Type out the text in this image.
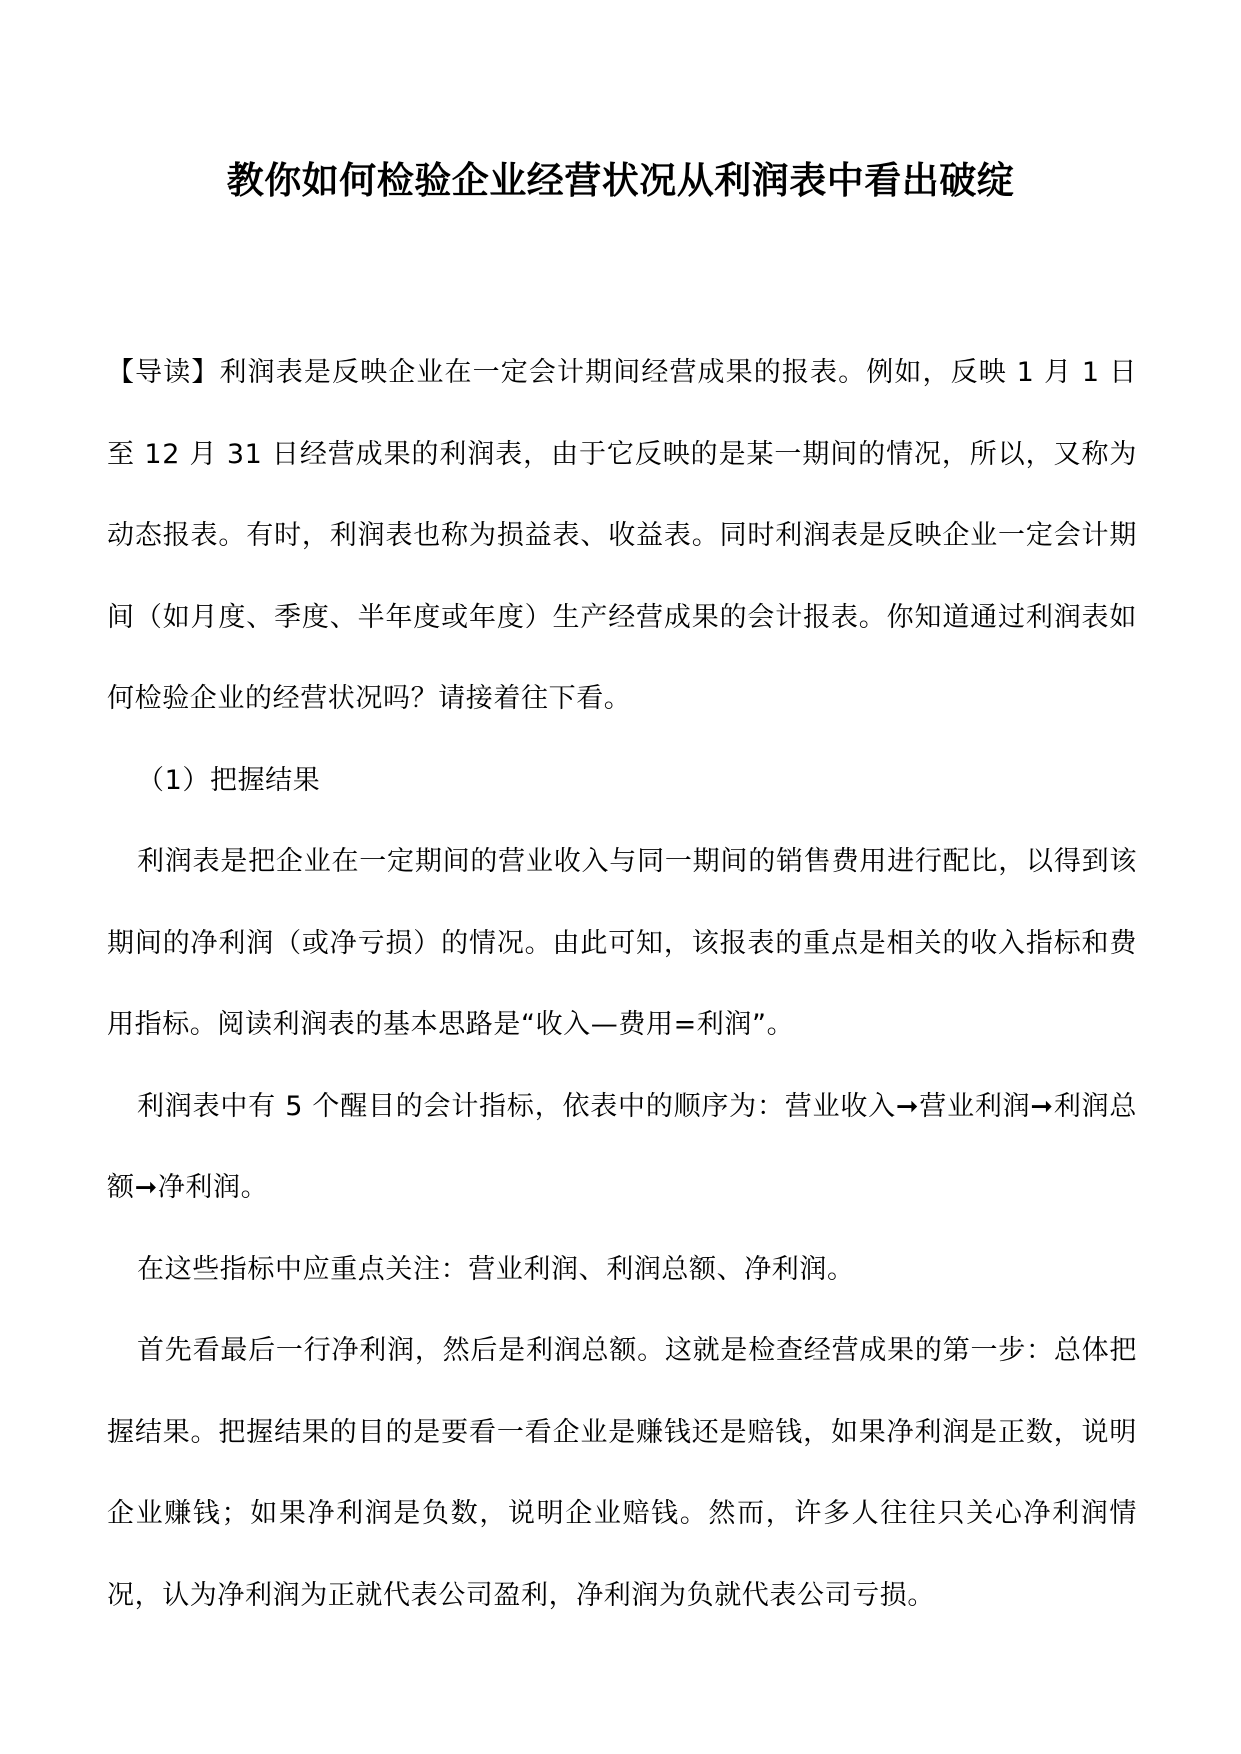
教你如何检验企业经营状况从利润表中看出破绽

【导读】利润表是反映企业在一定会计期间经营成果的报表。例如，反映 1 月 1 日至 12 月 31 日经营成果的利润表，由于它反映的是某一期间的情况，所以，又称为动态报表。有时，利润表也称为损益表、收益表。同时利润表是反映企业一定会计期间（如月度、季度、半年度或年度）生产经营成果的会计报表。你知道通过利润表如何检验企业的经营状况吗？请接着往下看。

（1）把握结果

利润表是把企业在一定期间的营业收入与同一期间的销售费用进行配比，以得到该期间的净利润（或净亏损）的情况。由此可知，该报表的重点是相关的收入指标和费用指标。阅读利润表的基本思路是“收入—费用=利润”。

利润表中有 5 个醒目的会计指标，依表中的顺序为：营业收入➞营业利润➞利润总额➞净利润。

在这些指标中应重点关注：营业利润、利润总额、净利润。

首先看最后一行净利润，然后是利润总额。这就是检查经营成果的第一步：总体把握结果。把握结果的目的是要看一看企业是赚钱还是赔钱，如果净利润是正数，说明企业赚钱；如果净利润是负数，说明企业赔钱。然而，许多人往往只关心净利润情况，认为净利润为正就代表公司盈利，净利润为负就代表公司亏损。
